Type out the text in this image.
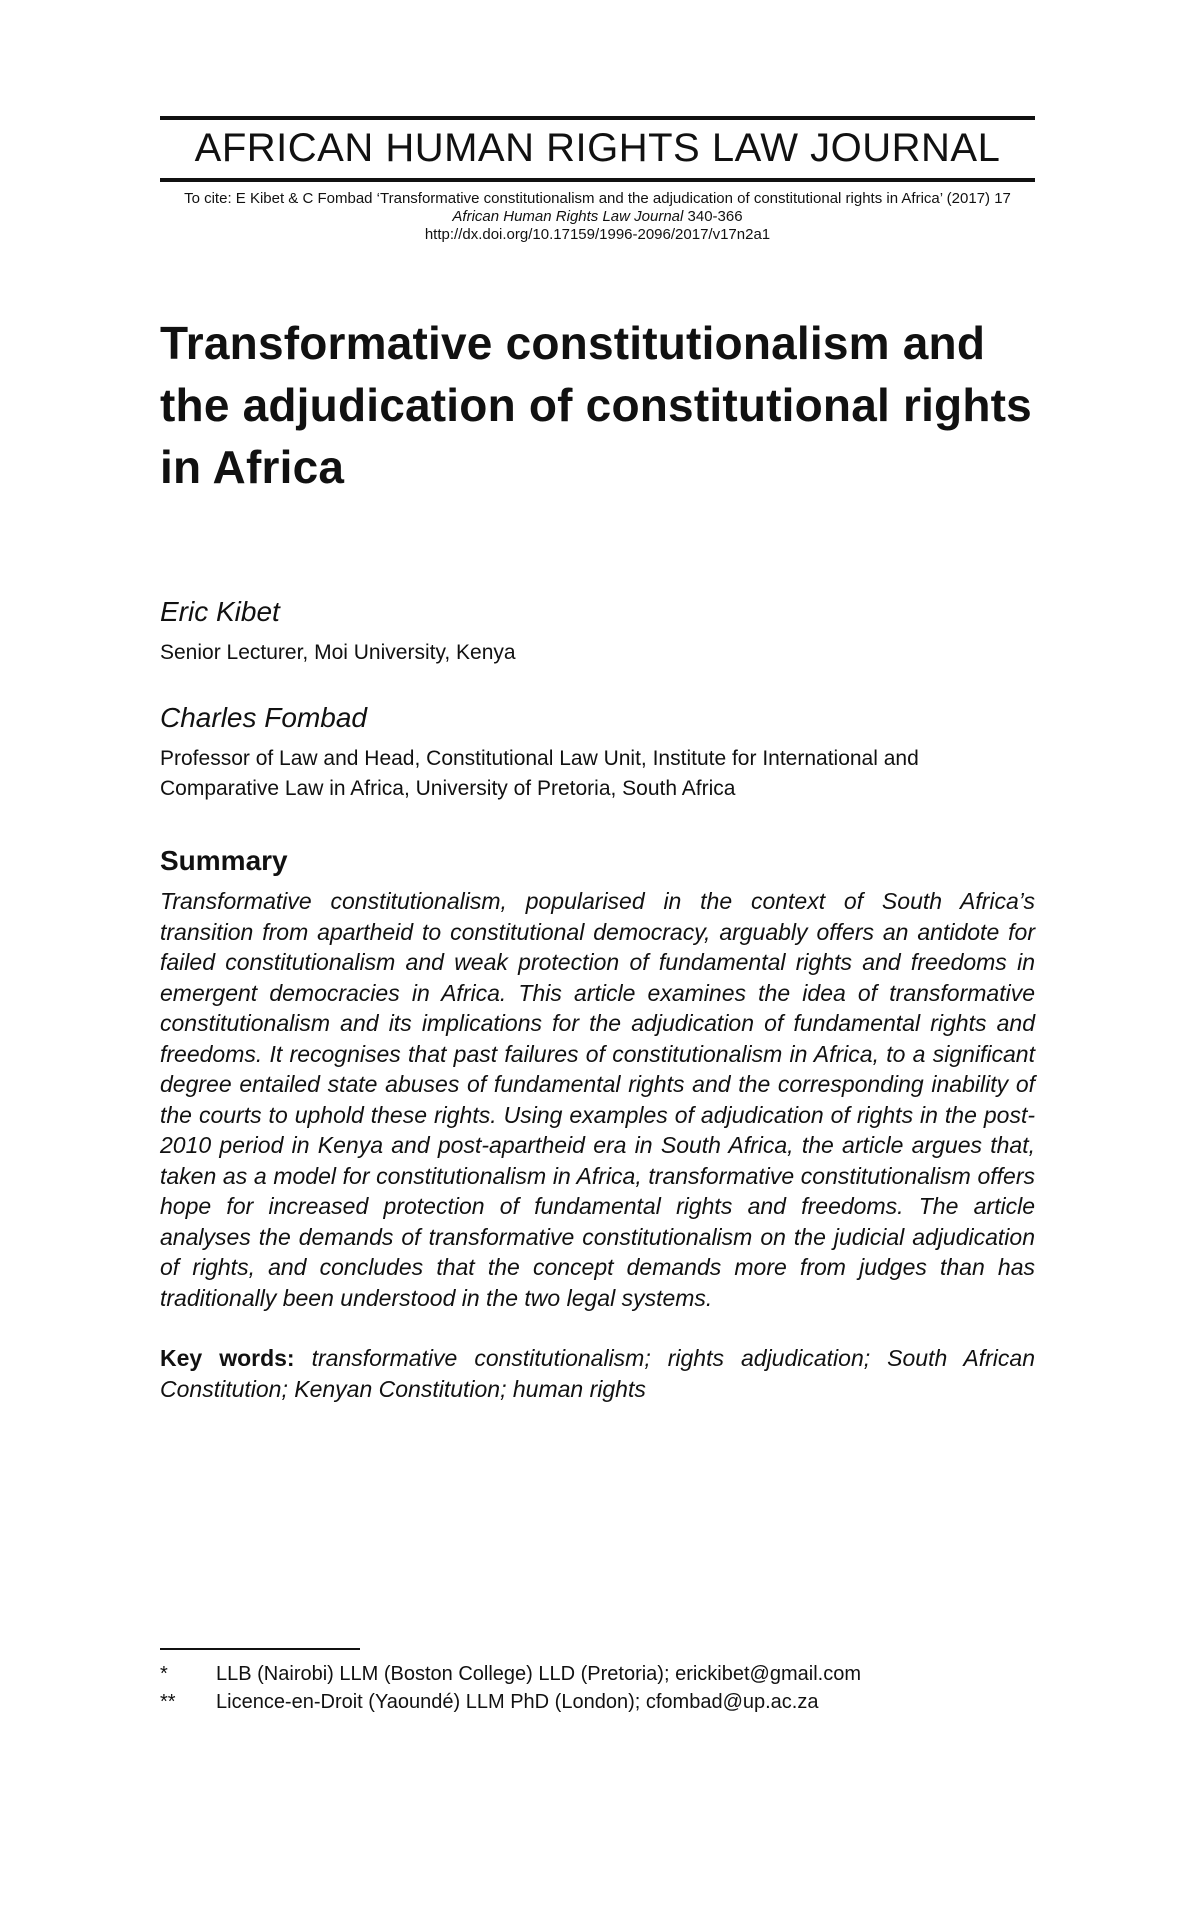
AFRICAN HUMAN RIGHTS LAW JOURNAL
To cite: E Kibet & C Fombad ‘Transformative constitutionalism and the adjudication of constitutional rights in Africa’ (2017) 17 African Human Rights Law Journal 340-366
http://dx.doi.org/10.17159/1996-2096/2017/v17n2a1
Transformative constitutionalism and the adjudication of constitutional rights in Africa
Eric Kibet
Senior Lecturer, Moi University, Kenya
Charles Fombad
Professor of Law and Head, Constitutional Law Unit, Institute for International and Comparative Law in Africa, University of Pretoria, South Africa
Summary
Transformative constitutionalism, popularised in the context of South Africa’s transition from apartheid to constitutional democracy, arguably offers an antidote for failed constitutionalism and weak protection of fundamental rights and freedoms in emergent democracies in Africa. This article examines the idea of transformative constitutionalism and its implications for the adjudication of fundamental rights and freedoms. It recognises that past failures of constitutionalism in Africa, to a significant degree entailed state abuses of fundamental rights and the corresponding inability of the courts to uphold these rights. Using examples of adjudication of rights in the post-2010 period in Kenya and post-apartheid era in South Africa, the article argues that, taken as a model for constitutionalism in Africa, transformative constitutionalism offers hope for increased protection of fundamental rights and freedoms. The article analyses the demands of transformative constitutionalism on the judicial adjudication of rights, and concludes that the concept demands more from judges than has traditionally been understood in the two legal systems.
Key words: transformative constitutionalism; rights adjudication; South African Constitution; Kenyan Constitution; human rights
*	LLB (Nairobi) LLM (Boston College) LLD (Pretoria); erickibet@gmail.com
**	Licence-en-Droit (Yaoundé) LLM PhD (London); cfombad@up.ac.za
